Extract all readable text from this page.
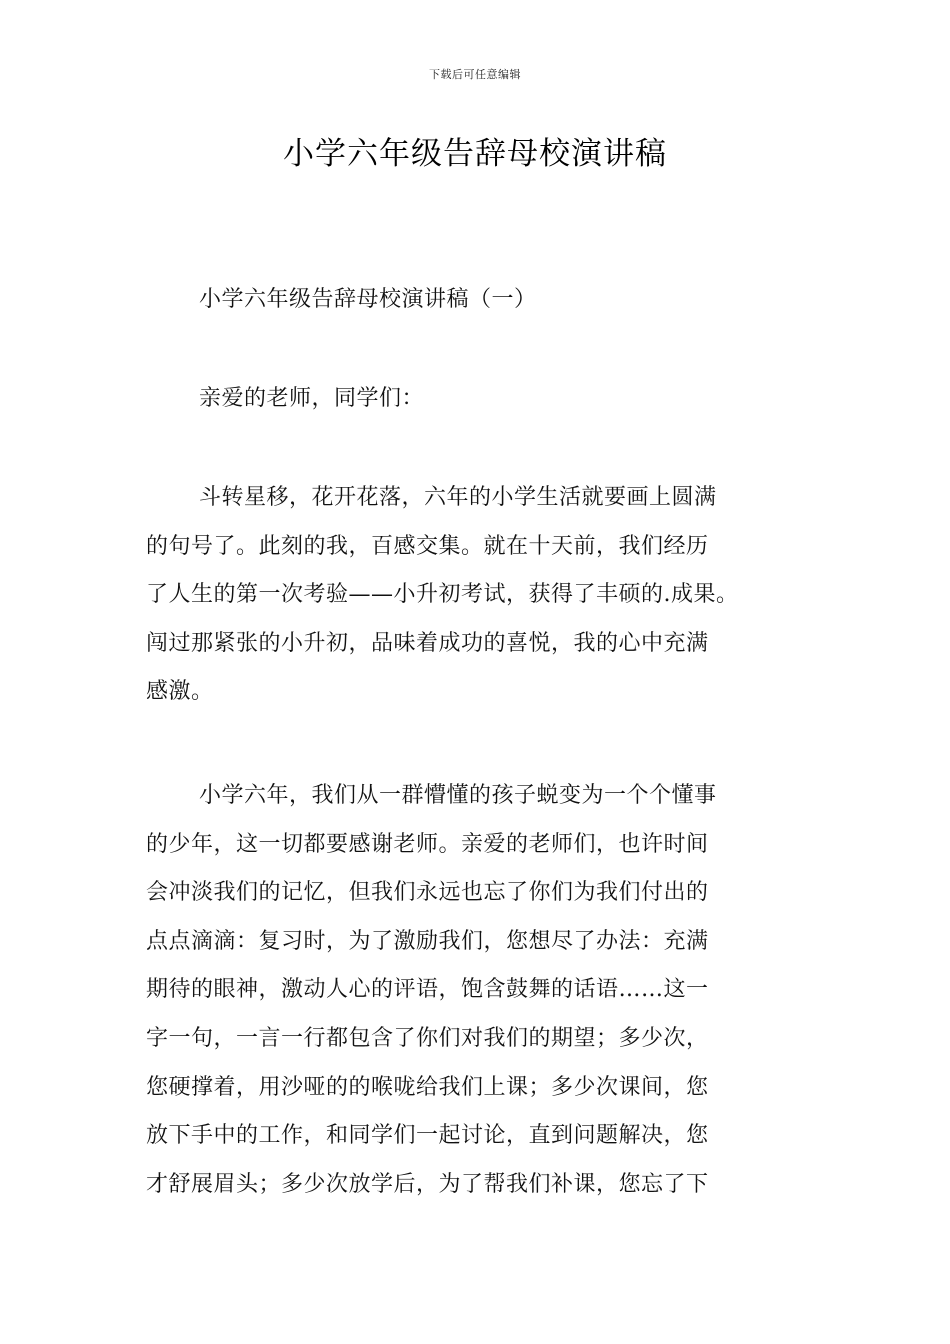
下载后可任意编辑
小学六年级告辞母校演讲稿
小学六年级告辞母校演讲稿（一）
亲爱的老师，同学们：
斗转星移，花开花落，六年的小学生活就要画上圆满
的句号了。此刻的我，百感交集。就在十天前，我们经历
了人生的第一次考验——小升初考试，获得了丰硕的.成果。
闯过那紧张的小升初，品味着成功的喜悦，我的心中充满
感激。
小学六年，我们从一群懵懂的孩子蜕变为一个个懂事
的少年，这一切都要感谢老师。亲爱的老师们，也许时间
会冲淡我们的记忆，但我们永远也忘了你们为我们付出的
点点滴滴：复习时，为了激励我们，您想尽了办法：充满
期待的眼神，激动人心的评语，饱含鼓舞的话语……这一
字一句，一言一行都包含了你们对我们的期望；多少次，
您硬撑着，用沙哑的的喉咙给我们上课；多少次课间，您
放下手中的工作，和同学们一起讨论，直到问题解决，您
才舒展眉头；多少次放学后，为了帮我们补课，您忘了下
